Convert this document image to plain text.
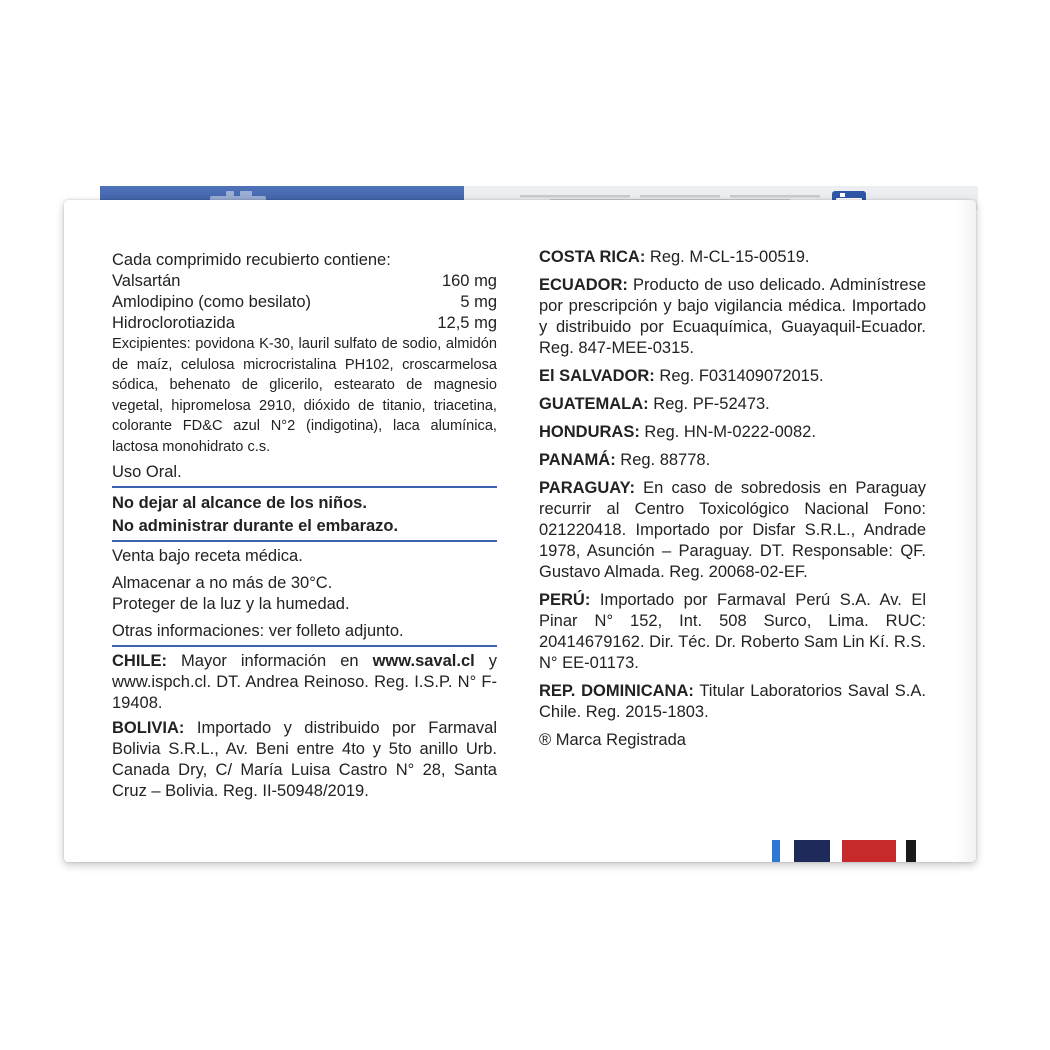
Cada comprimido recubierto contiene:

Valsartán	160 mg
Amlodipino (como besilato)	5 mg
Hidroclorotiazida	12,5 mg

Excipientes: povidona K-30, lauril sulfato de sodio, almidón de maíz, celulosa microcristalina PH102, croscarmelosa sódica, behenato de glicerilo, estearato de magnesio vegetal, hipromelosa 2910, dióxido de titanio, triacetina, colorante FD&C azul N°2 (indigotina), laca alumínica, lactosa monohidrato c.s.

Uso Oral.

No dejar al alcance de los niños.

No administrar durante el embarazo.

Venta bajo receta médica.

Almacenar a no más de 30°C.

Proteger de la luz y la humedad.

Otras informaciones: ver folleto adjunto.

CHILE: Mayor información en www.saval.cl y www.ispch.cl. DT. Andrea Reinoso. Reg. I.S.P. N° F-19408.

BOLIVIA: Importado y distribuido por Farmaval Bolivia S.R.L., Av. Beni entre 4to y 5to anillo Urb. Canada Dry, C/ María Luisa Castro N° 28, Santa Cruz – Bolivia. Reg. II-50948/2019.

COSTA RICA: Reg. M-CL-15-00519.

ECUADOR: Producto de uso delicado. Adminístrese por prescripción y bajo vigilancia médica. Importado y distribuido por Ecuaquímica, Guayaquil-Ecuador. Reg. 847-MEE-0315.

El SALVADOR: Reg. F031409072015.

GUATEMALA: Reg. PF-52473.

HONDURAS: Reg. HN-M-0222-0082.

PANAMÁ: Reg. 88778.

PARAGUAY: En caso de sobredosis en Paraguay recurrir al Centro Toxicológico Nacional Fono: 021220418. Importado por Disfar S.R.L., Andrade 1978, Asunción – Paraguay. DT. Responsable: QF. Gustavo Almada. Reg. 20068-02-EF.

PERÚ: Importado por Farmaval Perú S.A. Av. El Pinar N° 152, Int. 508 Surco, Lima. RUC: 20414679162. Dir. Téc. Dr. Roberto Sam Lin Kí. R.S. N° EE-01173.

REP. DOMINICANA: Titular Laboratorios Saval S.A. Chile. Reg. 2015-1803.

® Marca Registrada
